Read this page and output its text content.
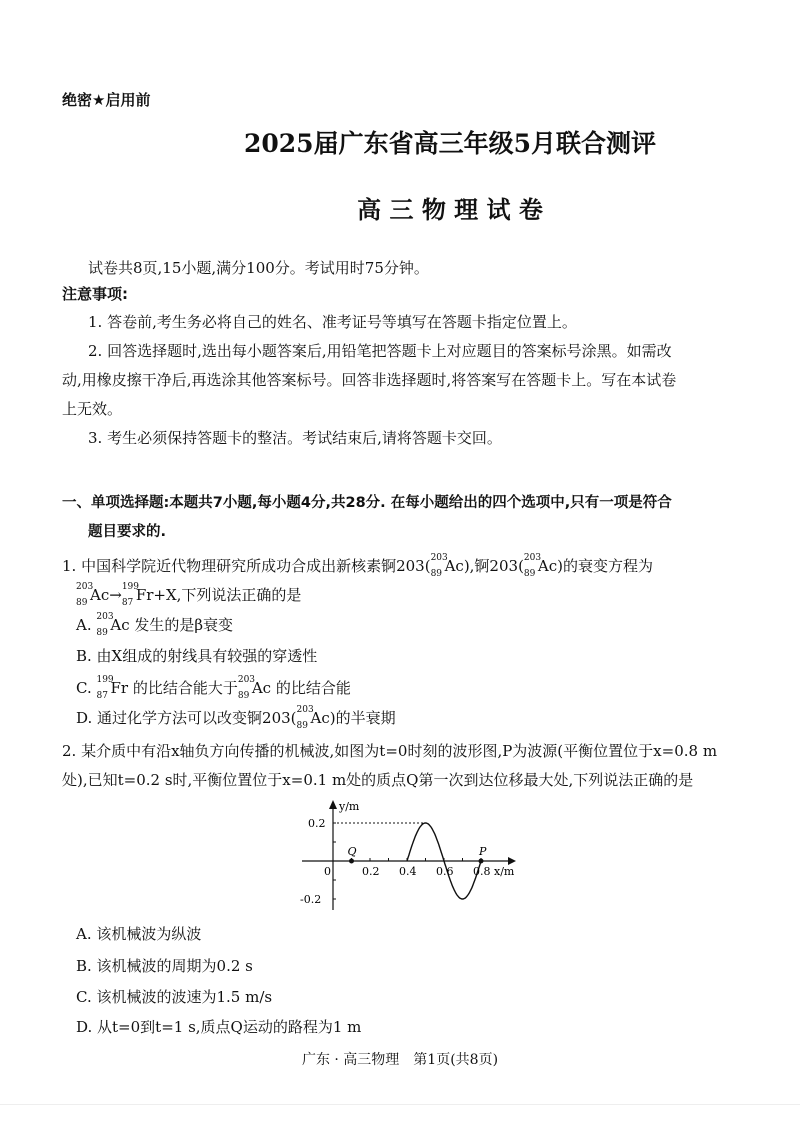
绝密★启用前
2025届广东省高三年级5月联合测评
高 三 物 理 试 卷
试卷共8页,15小题,满分100分。考试用时75分钟。
注意事项:
1. 答卷前,考生务必将自己的姓名、准考证号等填写在答题卡指定位置上。
2. 回答选择题时,选出每小题答案后,用铅笔把答题卡上对应题目的答案标号涂黑。如需改
动,用橡皮擦干净后,再选涂其他答案标号。回答非选择题时,将答案写在答题卡上。写在本试卷
上无效。
3. 考生必须保持答题卡的整洁。考试结束后,请将答题卡交回。
一、单项选择题:本题共7小题,每小题4分,共28分. 在每小题给出的四个选项中,只有一项是符合
题目要求的.
1. 中国科学院近代物理研究所成功合成出新核素锕203( 203
89 Ac),锕203( 203
89 Ac)的衰变方程为
203
89 Ac→ 199
87 Fr+X,下列说法正确的是
A. 203
89 Ac 发生的是β衰变
B. 由X组成的射线具有较强的穿透性
C. 199
87 Fr 的比结合能大于 203
89 Ac 的比结合能
D. 通过化学方法可以改变锕203( 203
89 Ac)的半衰期
2. 某介质中有沿x轴负方向传播的机械波,如图为t=0时刻的波形图,P为波源(平衡位置位于x=0.8 m
处),已知t=0.2 s时,平衡位置位于x=0.1 m处的质点Q第一次到达位移最大处,下列说法正确的是
Q	P
y/m
x/m
0	0.2 0.4 0.6 0.8
0.2
-0.2
A. 该机械波为纵波
B. 该机械波的周期为0.2 s
C. 该机械波的波速为1.5 m/s
D. 从t=0到t=1 s,质点Q运动的路程为1 m
广东 · 高三物理　第1页(共8页)
